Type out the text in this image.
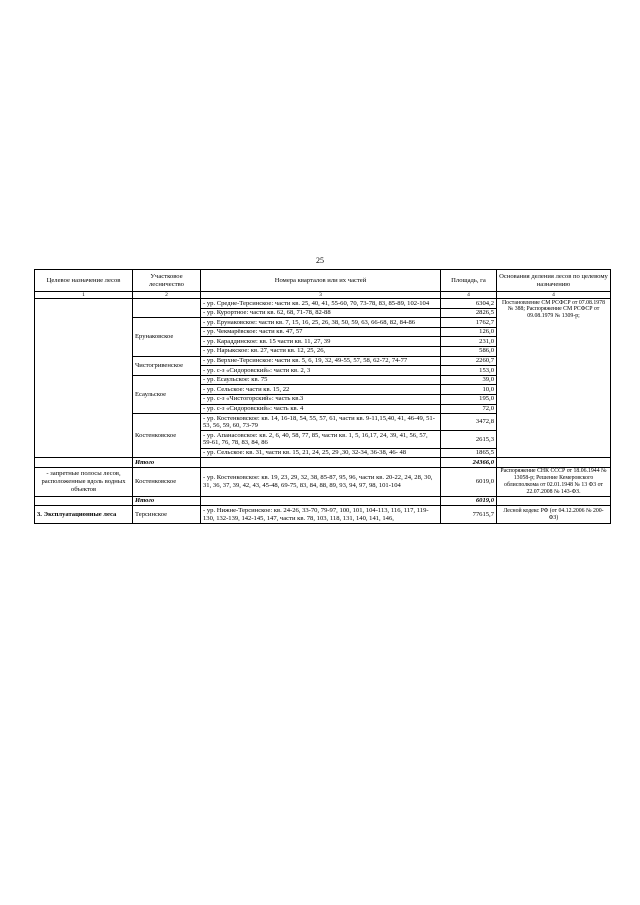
25
Целевое назначение лесов	Участковое лесничество	Номера кварталов или их частей	Площадь, га	Основания деления лесов по целевому назначению
1	2	3	4	4
		- ур. Средне-Терсинское: части кв. 25, 40, 41, 55-60, 70, 73-78, 83, 85-89, 102-104	6304,2	Постановление СМ РСФСР от 07.08.1978 № 388; Распоряжение СМ РСФСР от 09.08.1979 № 1309-р;
		- ур. Курортное: части кв. 62, 68, 71-78, 82-88	2826,5	
	Ерунаковское	- ур. Ерунаковское: части кв. 7, 15, 16, 25, 26, 38, 50, 59, 63, 66-68, 82, 84-86	1762,7	
		- ур. Чекмарёвское: части кв. 47, 57	126,0	
		- ур. Караддинское: кв. 15 части кв. 11, 27, 39	231,0	
		- ур. Нарыкское: кв. 27, части кв. 12, 25, 26,	586,0	
	Чистогривенское	- ур. Верхне-Терсинское: части кв. 5, 6, 19, 32, 49-55, 57, 58, 62-72, 74-77	2260,7	
		- ур. с-з «Сидоровский»: части кв. 2, 3	153,0	
	Есаульское	- ур. Есаульское: кв. 75	39,0	
		- ур. Сельское: части кв. 15, 22	10,0	
		- ур. с-з «Чистогорский»: часть кв.3	195,0	
		- ур. с-з «Сидоровский»: часть кв. 4	72,0	
	Костенковское	- ур. Костенковское: кв. 14, 16-18, 54, 55, 57, 61, части кв. 9-11,15,40, 41, 46-49, 51-53, 56, 59, 60, 73-79	3472,8	
		- ур. Апанасовское: кв. 2, 6, 40, 58, 77, 85, части кв. 1, 5, 16,17, 24, 39, 41, 56, 57, 59-61, 76, 78, 83, 84, 86	2615,3	
		- ур. Сельское: кв. 31, части кв. 15, 21, 24, 25, 29 ,30, 32-34, 36-38, 46- 48	1865,5	
	Итого		24366,0	
- запретные полосы лесов, расположенные вдоль водных объектов	Костенковское	- ур. Костенковское: кв. 19, 23, 29, 32, 38, 85-87, 95, 96, части кв. 20-22, 24, 28, 30, 31, 36, 37, 39, 42, 43, 45-48, 69-75, 83, 84, 88, 89, 93, 94, 97, 98, 101-104	6019,0	Распоряжение СНК СССР от 18.06.1944 № 13058-р; Решение Кемеровского облисполкома от 02.01.1948 № 13 Ф3 от 22.07.2008 № 143-ФЗ.
	Итого		6019,0	
3. Эксплуатационные леса	Терсинское	- ур. Нижне-Терсинское: кв. 24-26, 33-70, 79-97, 100, 101, 104-113, 116, 117, 119-130, 132-139, 142-145, 147, части кв. 78, 103, 118, 131, 140, 141, 146,	77615,7	Лесной кодекс РФ (от 04.12.2006 № 200- ФЗ)
